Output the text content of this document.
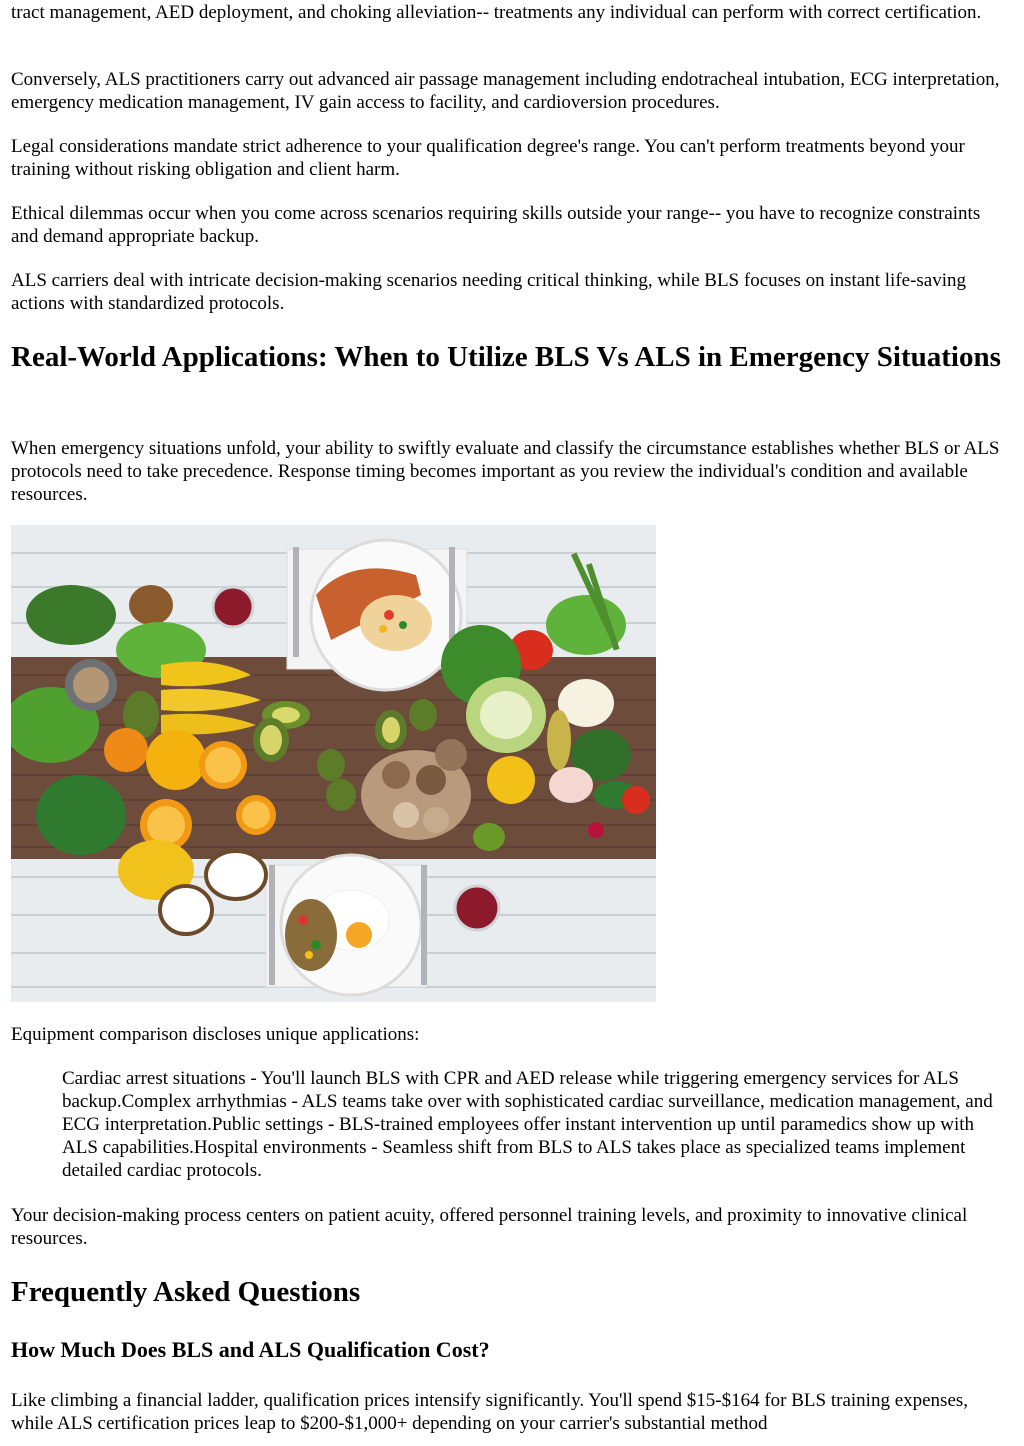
tract management, AED deployment, and choking alleviation-- treatments any individual can perform with correct certification.

Conversely, ALS practitioners carry out advanced air passage management including endotracheal intubation, ECG interpretation, emergency medication management, IV gain access to facility, and cardioversion procedures.

Legal considerations mandate strict adherence to your qualification degree's range. You can't perform treatments beyond your training without risking obligation and client harm.

Ethical dilemmas occur when you come across scenarios requiring skills outside your range-- you have to recognize constraints and demand appropriate backup.

ALS carriers deal with intricate decision-making scenarios needing critical thinking, while BLS focuses on instant life-saving actions with standardized protocols.

Real-World Applications: When to Utilize BLS Vs ALS in Emergency Situations

When emergency situations unfold, your ability to swiftly evaluate and classify the circumstance establishes whether BLS or ALS protocols need to take precedence. Response timing becomes important as you review the individual's condition and available resources.

Equipment comparison discloses unique applications:

Cardiac arrest situations - You'll launch BLS with CPR and AED release while triggering emergency services for ALS backup.Complex arrhythmias - ALS teams take over with sophisticated cardiac surveillance, medication management, and ECG interpretation.Public settings - BLS-trained employees offer instant intervention up until paramedics show up with ALS capabilities.Hospital environments - Seamless shift from BLS to ALS takes place as specialized teams implement detailed cardiac protocols.

Your decision-making process centers on patient acuity, offered personnel training levels, and proximity to innovative clinical resources.

Frequently Asked Questions
How Much Does BLS and ALS Qualification Cost?

Like climbing a financial ladder, qualification prices intensify significantly. You'll spend $15-$164 for BLS training expenses, while ALS certification prices leap to $200-$1,000+ depending on your carrier's substantial method
